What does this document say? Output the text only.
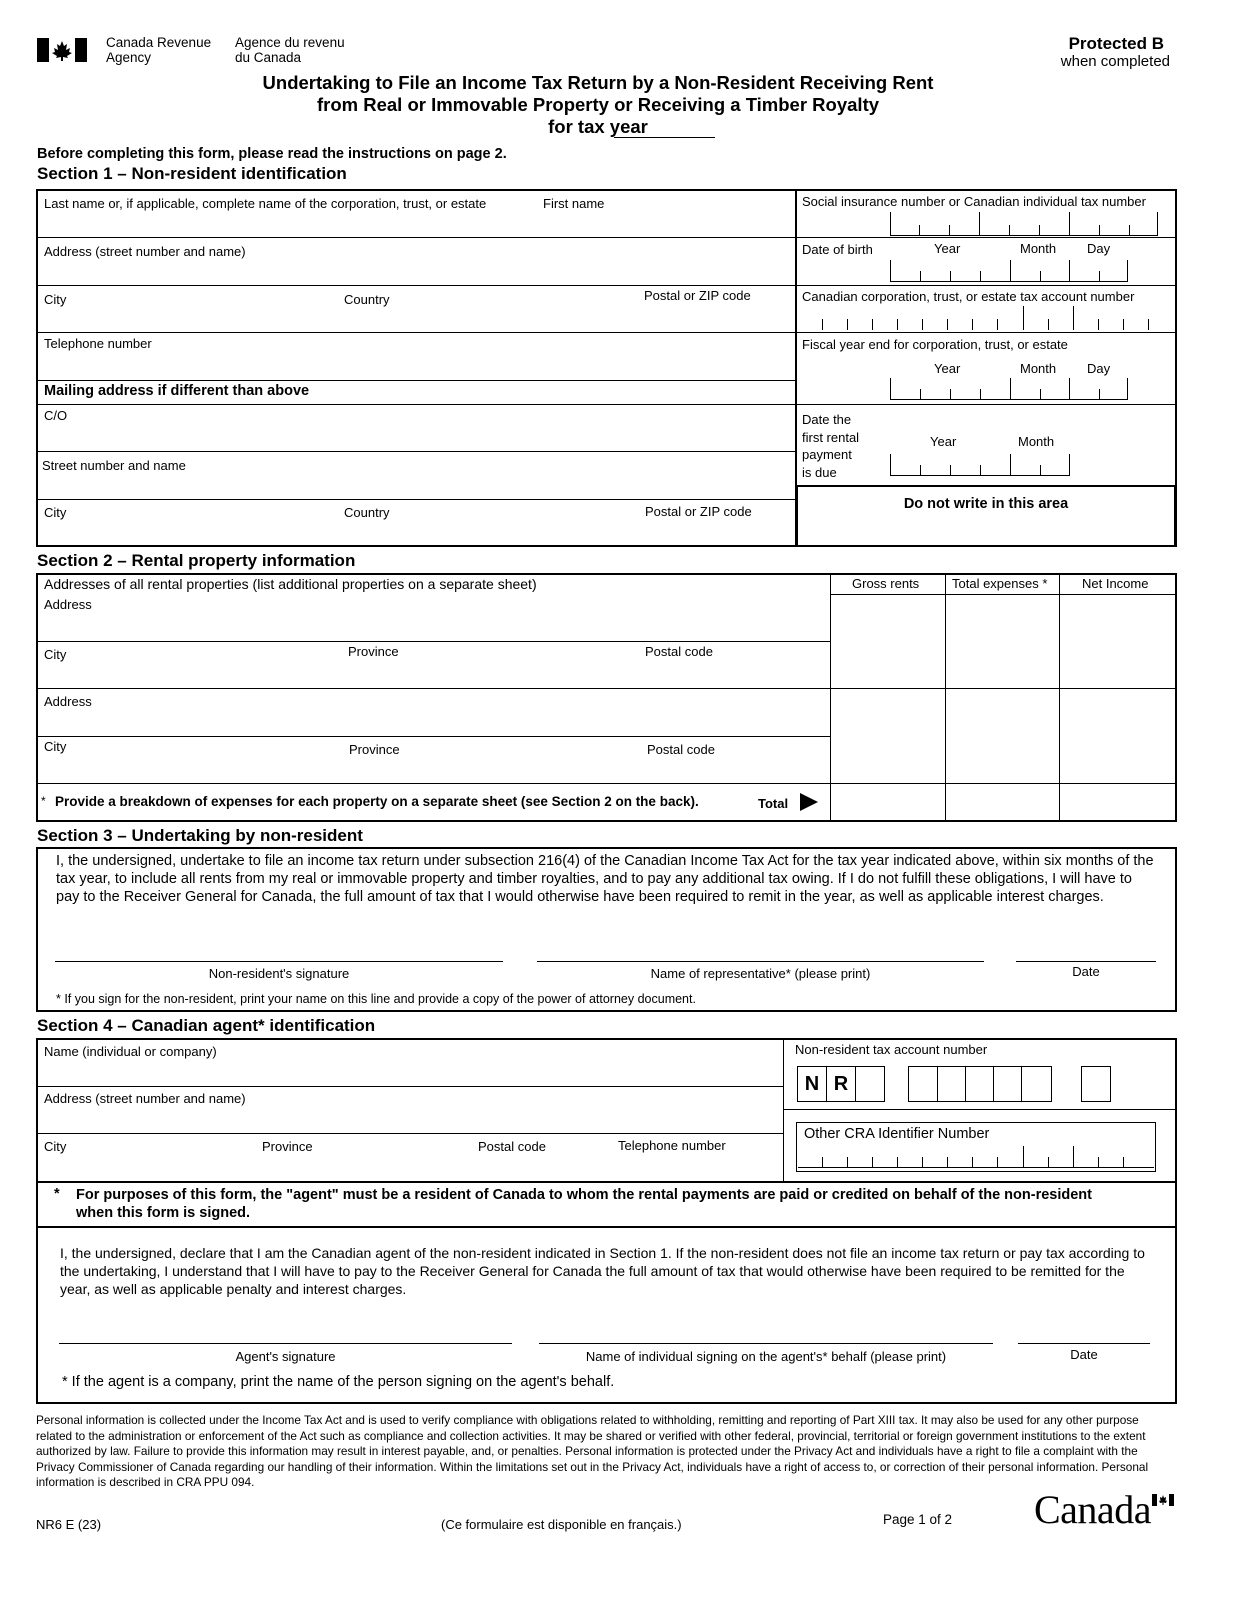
Canada Revenue
Agency
Agence du revenu
du Canada
Protected B
when completed
Undertaking to File an Income Tax Return by a Non-Resident Receiving Rent
from Real or Immovable Property or Receiving a Timber Royalty
for tax year
Before completing this form, please read the instructions on page 2.
Section 1 – Non-resident identification
Last name or, if applicable, complete name of the corporation, trust, or estate	First name
Address (street number and name)
City	Country	Postal or ZIP code
Telephone number
Mailing address if different than above
C/O
Street number and name
City	Country	Postal or ZIP code
Social insurance number or Canadian individual tax number
Date of birth	Year	Month Day
Canadian corporation, trust, or estate tax account number
Fiscal year end for corporation, trust, or estate
Year	Month Day
Date the
first rental
payment
is due
Year	Month
Do not write in this area
Section 2 – Rental property information
Addresses of all rental properties (list additional properties on a separate sheet)	Gross rents	Total expenses *	Net Income
Address
City	Province	Postal code
Address
City	Province	Postal code
* Provide a breakdown of expenses for each property on a separate sheet (see Section 2 on the back).	Total
Section 3 – Undertaking by non-resident
I, the undersigned, undertake to file an income tax return under subsection 216(4) of the Canadian Income Tax Act for the tax year indicated above, within six months of the tax year, to include all rents from my real or immovable property and timber royalties, and to pay any additional tax owing. If I do not fulfill these obligations, I will have to pay to the Receiver General for Canada, the full amount of tax that I would otherwise have been required to remit in the year, as well as applicable interest charges.
Non-resident's signature	Name of representative* (please print)	Date
* If you sign for the non-resident, print your name on this line and provide a copy of the power of attorney document.
Section 4 – Canadian agent* identification
Name (individual or company)
Address (street number and name)
City	Province	Postal code	Telephone number
Non-resident tax account number
N R
Other CRA Identifier Number
* For purposes of this form, the "agent" must be a resident of Canada to whom the rental payments are paid or credited on behalf of the non-resident when this form is signed.
I, the undersigned, declare that I am the Canadian agent of the non-resident indicated in Section 1. If the non-resident does not file an income tax return or pay tax according to the undertaking, I understand that I will have to pay to the Receiver General for Canada the full amount of tax that would otherwise have been required to be remitted for the year, as well as applicable penalty and interest charges.
Agent's signature	Name of individual signing on the agent's* behalf (please print)	Date
* If the agent is a company, print the name of the person signing on the agent's behalf.
Personal information is collected under the Income Tax Act and is used to verify compliance with obligations related to withholding, remitting and reporting of Part XIII tax. It may also be used for any other purpose related to the administration or enforcement of the Act such as compliance and collection activities. It may be shared or verified with other federal, provincial, territorial or foreign government institutions to the extent authorized by law. Failure to provide this information may result in interest payable, and, or penalties. Personal information is protected under the Privacy Act and individuals have a right to file a complaint with the Privacy Commissioner of Canada regarding our handling of their information. Within the limitations set out in the Privacy Act, individuals have a right of access to, or correction of their personal information. Personal information is described in CRA PPU 094.
NR6 E (23)	(Ce formulaire est disponible en français.)	Page 1 of 2 Canada
